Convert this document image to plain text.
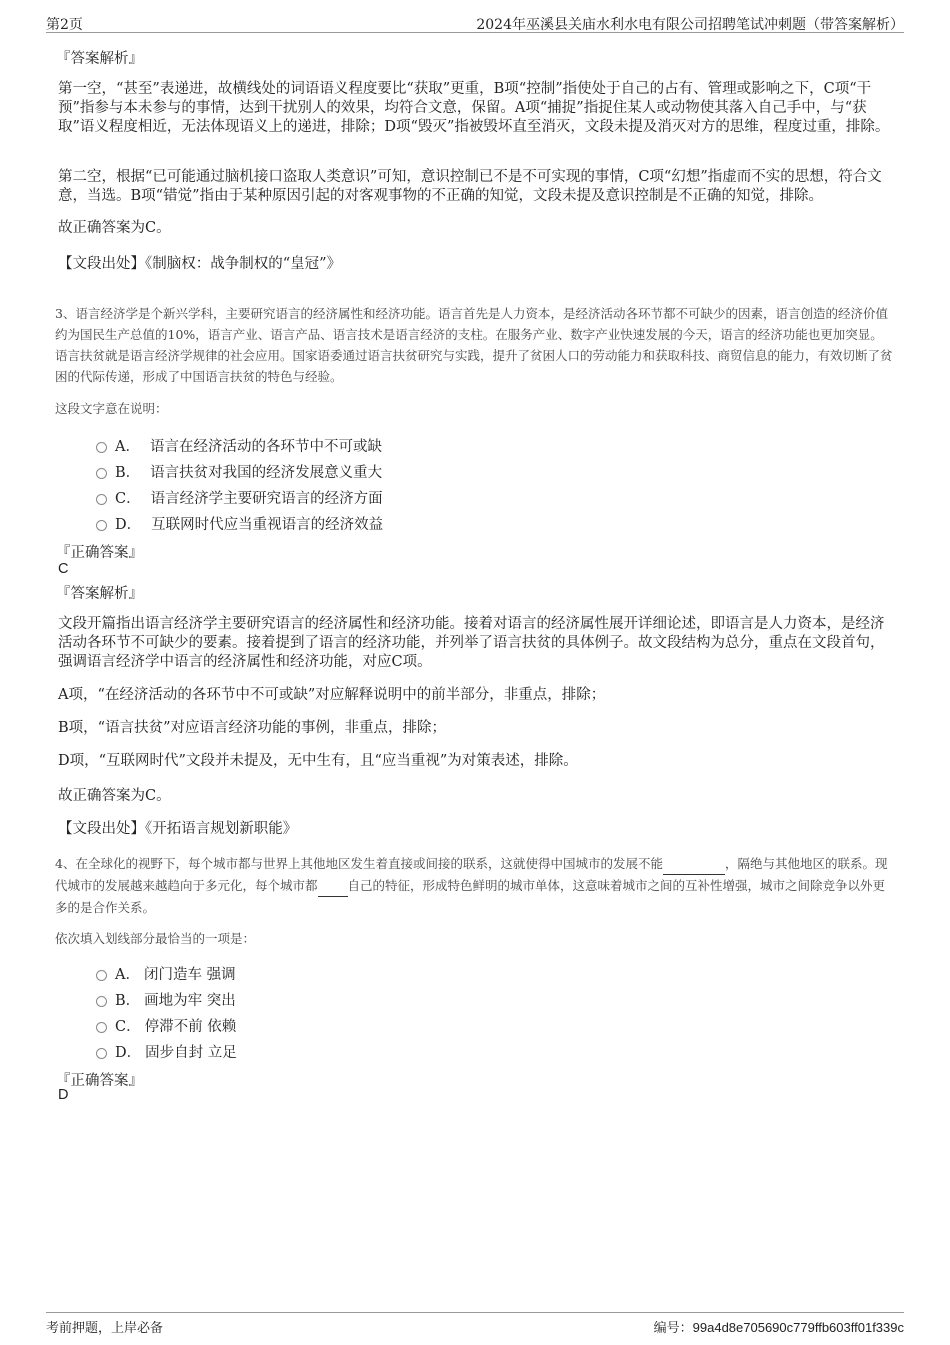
第2页	2024年巫溪县关庙水利水电有限公司招聘笔试冲刺题（带答案解析）
『答案解析』
第一空，“甚至”表递进，故横线处的词语语义程度要比“获取”更重，B项“控制”指使处于自己的占有、管理或影响之下，C项“干预”指参与本未参与的事情，达到干扰别人的效果，均符合文意，保留。A项“捕捉”指捉住某人或动物使其落入自己手中，与“获取”语义程度相近，无法体现语义上的递进，排除；D项“毁灭”指被毁坏直至消灭，文段未提及消灭对方的思维，程度过重，排除。
第二空，根据“已可能通过脑机接口盗取人类意识”可知，意识控制已不是不可实现的事情，C项“幻想”指虚而不实的思想，符合文意，当选。B项“错觉”指由于某种原因引起的对客观事物的不正确的知觉，文段未提及意识控制是不正确的知觉，排除。
故正确答案为C。
【文段出处】《制脑权：战争制权的“皇冠”》
3、语言经济学是个新兴学科，主要研究语言的经济属性和经济功能。语言首先是人力资本，是经济活动各环节都不可缺少的因素，语言创造的经济价值约为国民生产总值的10%，语言产业、语言产品、语言技术是语言经济的支柱。在服务产业、数字产业快速发展的今天，语言的经济功能也更加突显。语言扶贫就是语言经济学规律的社会应用。国家语委通过语言扶贫研究与实践，提升了贫困人口的劳动能力和获取科技、商贸信息的能力，有效切断了贫困的代际传递，形成了中国语言扶贫的特色与经验。
这段文字意在说明：
A． 语言在经济活动的各环节中不可或缺
B． 语言扶贫对我国的经济发展意义重大
C． 语言经济学主要研究语言的经济方面
D． 互联网时代应当重视语言的经济效益
『正确答案』
C
『答案解析』
文段开篇指出语言经济学主要研究语言的经济属性和经济功能。接着对语言的经济属性展开详细论述，即语言是人力资本，是经济活动各环节不可缺少的要素。接着提到了语言的经济功能，并列举了语言扶贫的具体例子。故文段结构为总分，重点在文段首句，强调语言经济学中语言的经济属性和经济功能，对应C项。
A项，“在经济活动的各环节中不可或缺”对应解释说明中的前半部分，非重点，排除；
B项，“语言扶贫”对应语言经济功能的事例，非重点，排除；
D项，“互联网时代”文段并未提及，无中生有，且“应当重视”为对策表述，排除。
故正确答案为C。
【文段出处】《开拓语言规划新职能》
4、在全球化的视野下，每个城市都与世界上其他地区发生着直接或间接的联系，这就使得中国城市的发展不能	，隔绝与其他地区的联系。现代城市的发展越来越趋向于多元化，每个城市都 自己的特征，形成特色鲜明的城市单体，这意味着城市之间的互补性增强，城市之间除竞争以外更多的是合作关系。
依次填入划线部分最恰当的一项是：
A． 闭门造车 强调
B． 画地为牢 突出
C． 停滞不前 依赖
D． 固步自封 立足
『正确答案』
D
考前押题，上岸必备	编号：99a4d8e705690c779ffb603ff01f339c
